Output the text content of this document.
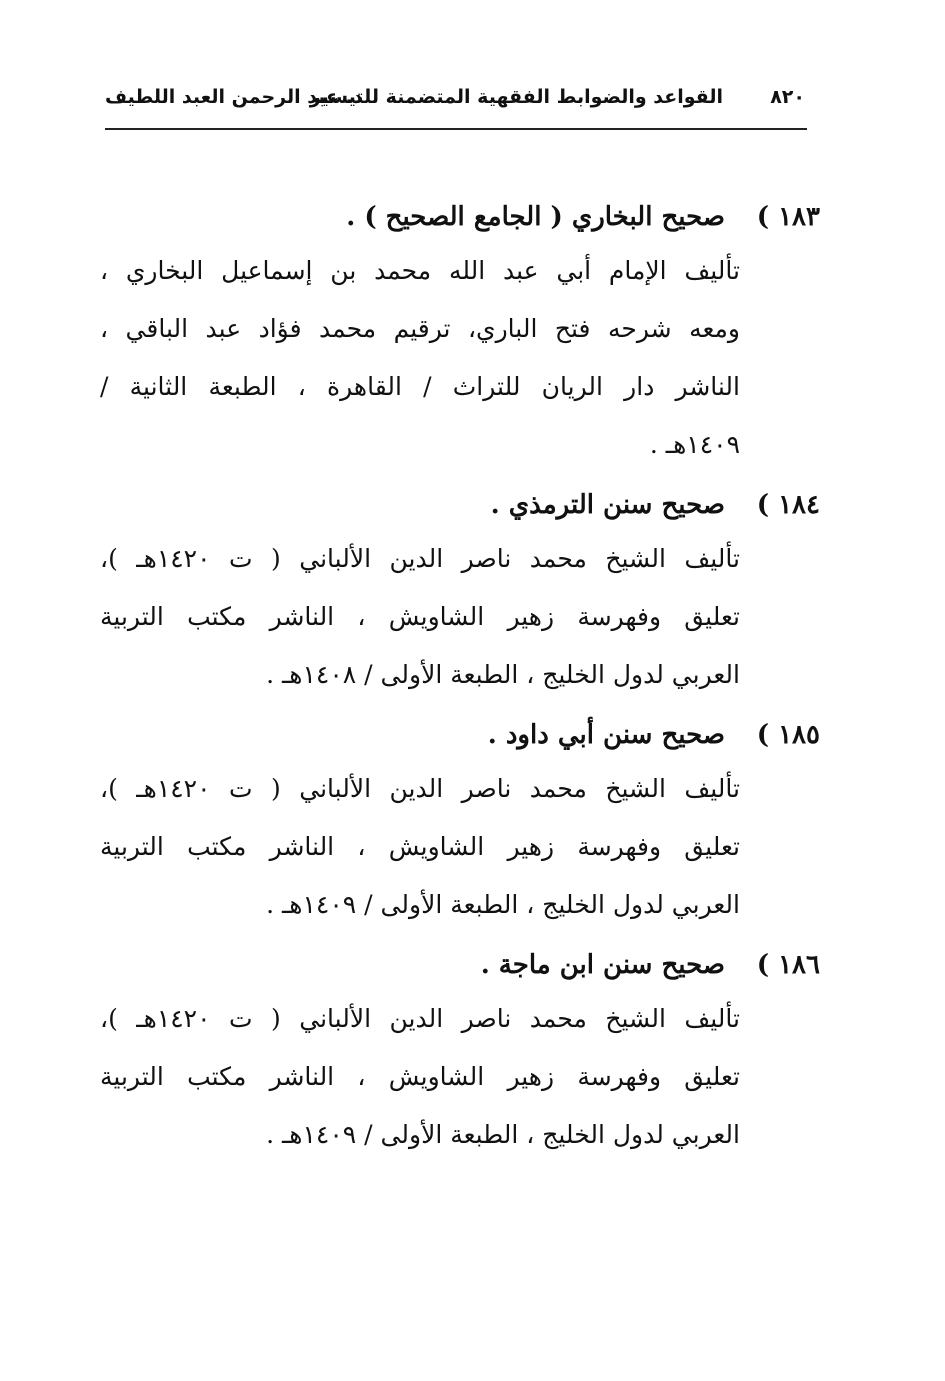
٨٢٠
القواعد والضوابط الفقهية المتضمنة للتيسير
د. عبد الرحمن العبد اللطيف
١٨٣ )
صحيح البخاري ( الجامع الصحيح ) .
تأليف الإمام أبي عبد الله محمد بن إسماعيل البخاري ،
ومعه شرحه فتح الباري، ترقيم محمد فؤاد عبد الباقي ،
الناشر دار الريان للتراث / القاهرة ، الطبعة الثانية /
١٤٠٩هـ .
١٨٤ )
صحيح سنن الترمذي .
تأليف الشيخ محمد ناصر الدين الألباني ( ت ١٤٢٠هـ )،
تعليق وفهرسة زهير الشاويش ، الناشر مكتب التربية
العربي لدول الخليج ، الطبعة الأولى / ١٤٠٨هـ .
١٨٥ )
صحيح سنن أبي داود .
تأليف الشيخ محمد ناصر الدين الألباني ( ت ١٤٢٠هـ )،
تعليق وفهرسة زهير الشاويش ، الناشر مكتب التربية
العربي لدول الخليج ، الطبعة الأولى / ١٤٠٩هـ .
١٨٦ )
صحيح سنن ابن ماجة .
تأليف الشيخ محمد ناصر الدين الألباني ( ت ١٤٢٠هـ )،
تعليق وفهرسة زهير الشاويش ، الناشر مكتب التربية
العربي لدول الخليج ، الطبعة الأولى / ١٤٠٩هـ .
